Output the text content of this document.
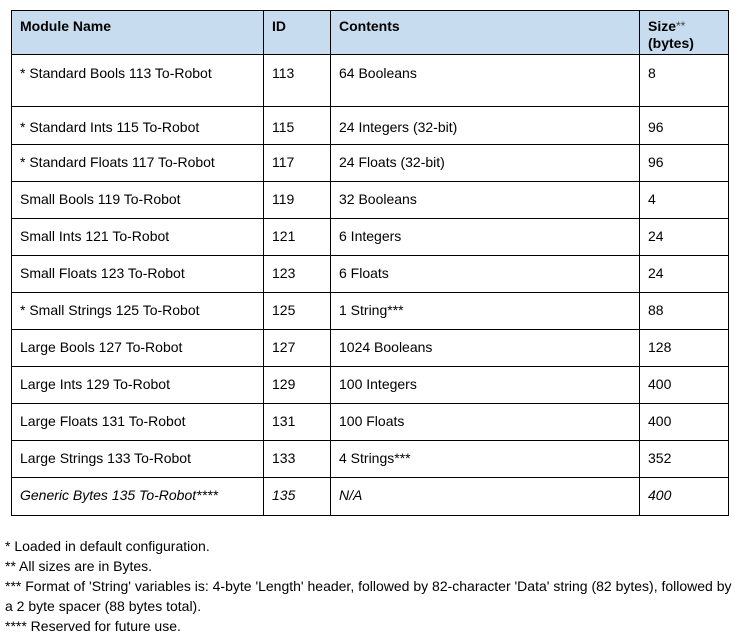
Module Name	ID	Contents	Size**
(bytes)
* Standard Bools 113 To-Robot	113	64 Booleans	8
* Standard Ints 115 To-Robot	115	24 Integers (32-bit)	96
* Standard Floats 117 To-Robot	117	24 Floats (32-bit)	96
Small Bools 119 To-Robot	119	32 Booleans	4
Small Ints 121 To-Robot	121	6 Integers	24
Small Floats 123 To-Robot	123	6 Floats	24
* Small Strings 125 To-Robot	125	1 String***	88
Large Bools 127 To-Robot	127	1024 Booleans	128
Large Ints 129 To-Robot	129	100 Integers	400
Large Floats 131 To-Robot	131	100 Floats	400
Large Strings 133 To-Robot	133	4 Strings***	352
Generic Bytes 135 To-Robot****	135	N/A	400

* Loaded in default configuration.

** All sizes are in Bytes.

*** Format of 'String' variables is: 4-byte 'Length' header, followed by 82-character 'Data' string (82 bytes), followed by a 2 byte spacer (88 bytes total).

**** Reserved for future use.
